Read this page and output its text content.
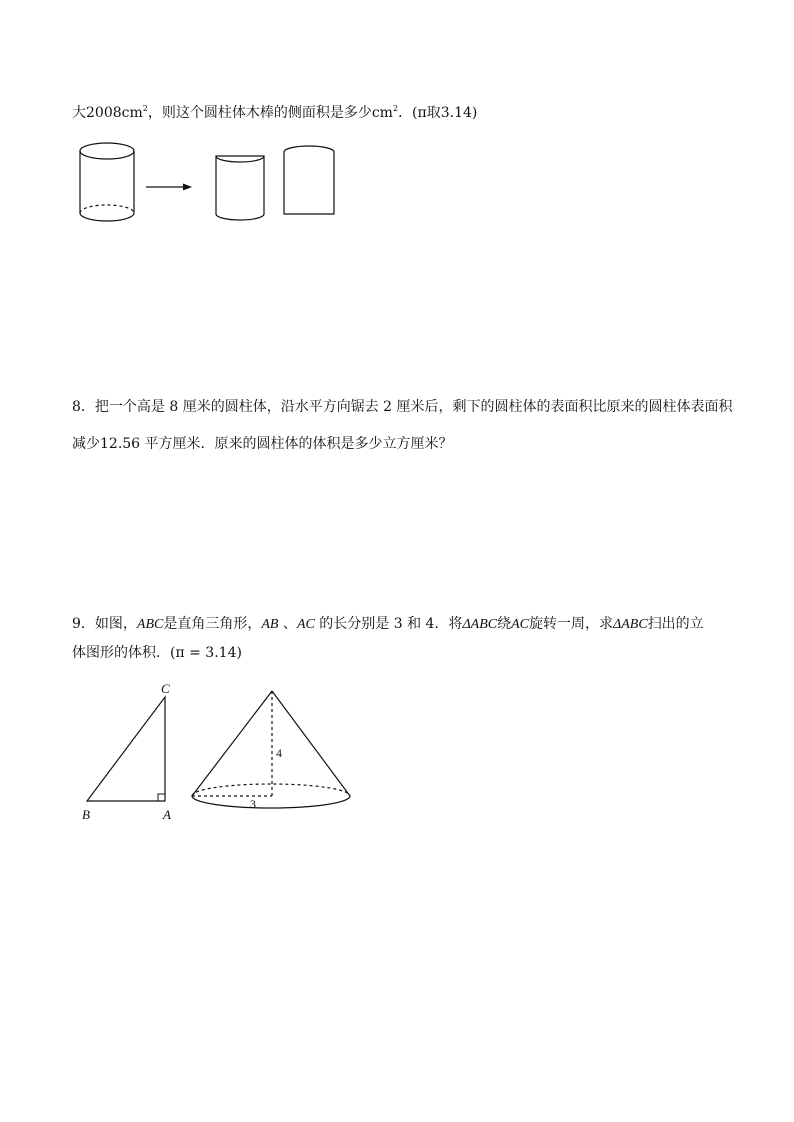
大$2008cm^2$，则这个圆柱体木棒的侧面积是多少$cm^2$．(π取3.14)
8．把一个高是 8 厘米的圆柱体，沿水平方向锯去 2 厘米后，剩下的圆柱体的表面积比原来的圆柱体表面积
减少12.56 平方厘米．原来的圆柱体的体积是多少立方厘米？
9．如图，ABC是直角三角形，AB 、AC 的长分别是 3 和 4．将ΔABC绕AC旋转一周，求ΔABC扫出的立
体图形的体积．(π = 3.14)
C
B	A
4
3
